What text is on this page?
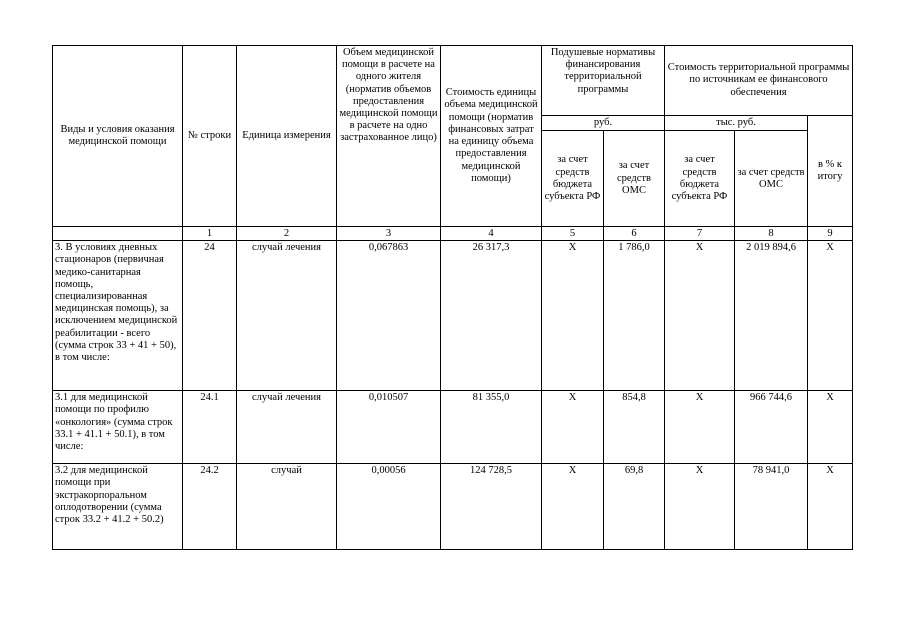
Виды и условия оказания медицинской помощи	№ строки	Единица измерения	Объем медицинской помощи в расчете на одного жителя (норматив объемов предоставления медицинской помощи в расчете на одно застрахованное лицо)	Стоимость единицы объема медицинской помощи (норматив финансовых затрат на единицу объема предоставления медицинской помощи)	Подушевые нормативы финансирования территориальной программы		Стоимость территориальной программы по источникам ее финансового обеспечения		
					руб.		тыс. руб.		в % к итогу
					за счет средств бюджета субъекта РФ	за счет средств ОМС	за счет средств бюджета субъекта РФ	за счет средств ОМС	
	1	2	3	4	5	6	7	8	9
3. В условиях дневных стационаров (первичная медико-санитарная помощь, специализированная медицинская помощь), за исключением медицинской реабилитации - всего (сумма строк 33 + 41 + 50), в том числе:	24	случай лечения	0,067863	26 317,3	Х	1 786,0	Х	2 019 894,6	Х
3.1 для медицинской помощи по профилю «онкология» (сумма строк 33.1 + 41.1 + 50.1), в том числе:	24.1	случай лечения	0,010507	81 355,0	Х	854,8	Х	966 744,6	Х
3.2 для медицинской помощи при экстракорпоральном оплодотворении (сумма строк 33.2 + 41.2 + 50.2)	24.2	случай	0,00056	124 728,5	Х	69,8	Х	78 941,0	Х
